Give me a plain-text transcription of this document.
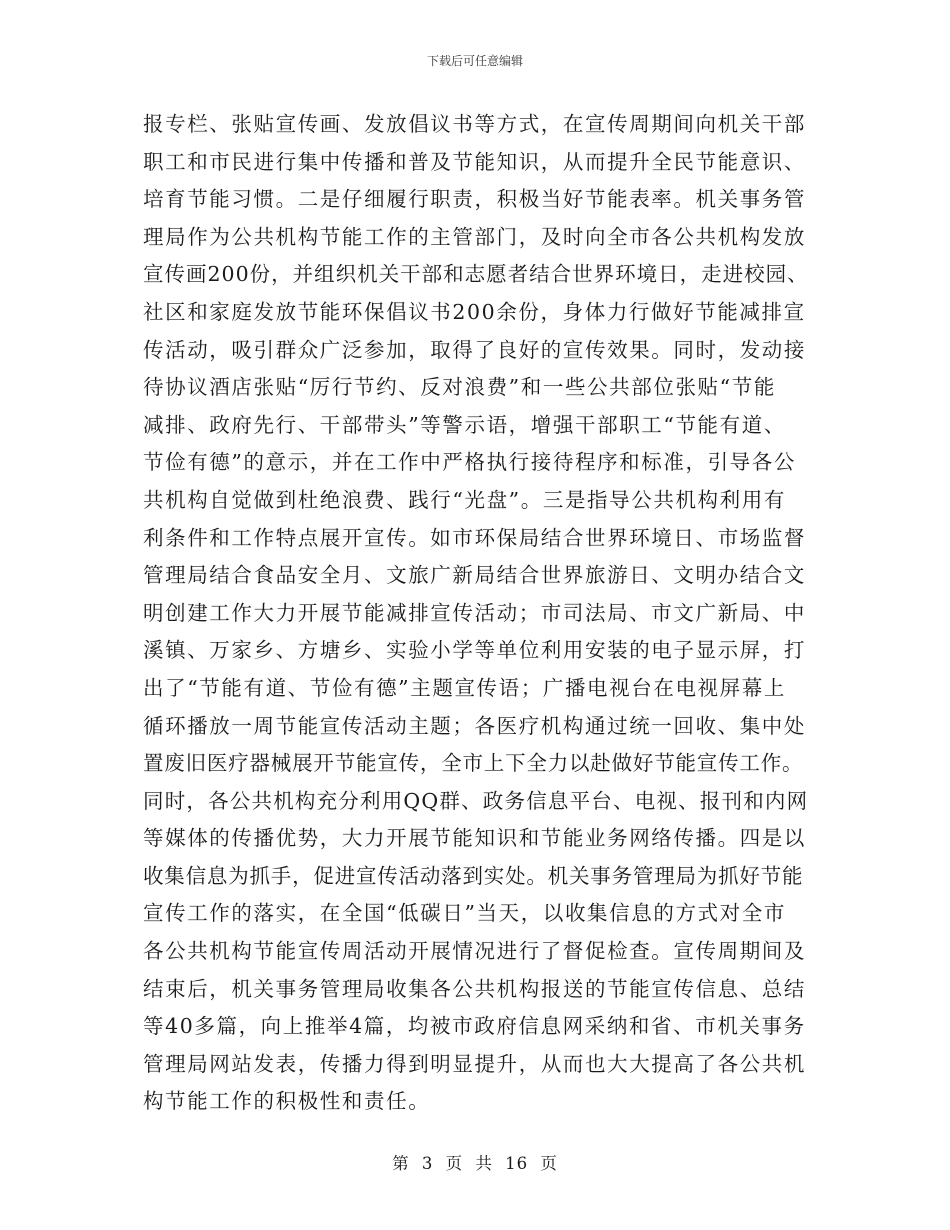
下载后可任意编辑
报专栏、张贴宣传画、发放倡议书等方式，在宣传周期间向机关干部
职工和市民进行集中传播和普及节能知识，从而提升全民节能意识、
培育节能习惯。二是仔细履行职责，积极当好节能表率。机关事务管
理局作为公共机构节能工作的主管部门，及时向全市各公共机构发放
宣传画200份，并组织机关干部和志愿者结合世界环境日，走进校园、
社区和家庭发放节能环保倡议书200余份，身体力行做好节能减排宣
传活动，吸引群众广泛参加，取得了良好的宣传效果。同时，发动接
待协议酒店张贴“厉行节约、反对浪费”和一些公共部位张贴“节能
减排、政府先行、干部带头”等警示语，增强干部职工“节能有道、
节俭有德”的意示，并在工作中严格执行接待程序和标准，引导各公
共机构自觉做到杜绝浪费、践行“光盘”。三是指导公共机构利用有
利条件和工作特点展开宣传。如市环保局结合世界环境日、市场监督
管理局结合食品安全月、文旅广新局结合世界旅游日、文明办结合文
明创建工作大力开展节能减排宣传活动；市司法局、市文广新局、中
溪镇、万家乡、方塘乡、实验小学等单位利用安装的电子显示屏，打
出了“节能有道、节俭有德”主题宣传语；广播电视台在电视屏幕上
循环播放一周节能宣传活动主题；各医疗机构通过统一回收、集中处
置废旧医疗器械展开节能宣传，全市上下全力以赴做好节能宣传工作。
同时，各公共机构充分利用QQ群、政务信息平台、电视、报刊和内网
等媒体的传播优势，大力开展节能知识和节能业务网络传播。四是以
收集信息为抓手，促进宣传活动落到实处。机关事务管理局为抓好节能
宣传工作的落实，在全国“低碳日”当天，以收集信息的方式对全市
各公共机构节能宣传周活动开展情况进行了督促检查。宣传周期间及
结束后，机关事务管理局收集各公共机构报送的节能宣传信息、总结
等40多篇，向上推举4篇，均被市政府信息网采纳和省、市机关事务
管理局网站发表，传播力得到明显提升，从而也大大提高了各公共机
构节能工作的积极性和责任。
第 3 页 共 16 页
